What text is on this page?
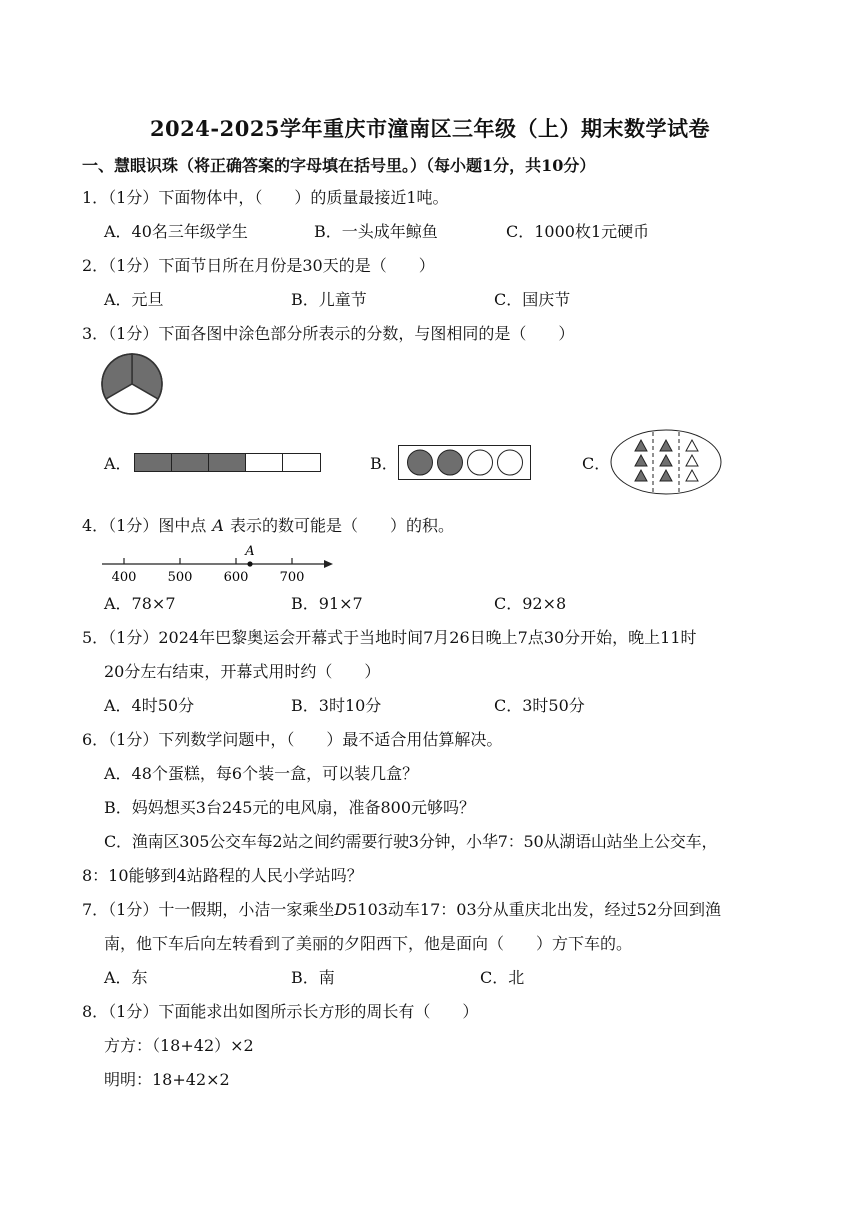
2024-2025学年重庆市潼南区三年级（上）期末数学试卷
一、慧眼识珠（将正确答案的字母填在括号里。）（每小题1分，共10分）
1．（1分）下面物体中，（　　）的质量最接近1吨。
A．40名三年级学生	B．一头成年鲸鱼	C．1000枚1元硬币
2．（1分）下面节日所在月份是30天的是（　　）
A．元旦	B．儿童节	C．国庆节
3．（1分）下面各图中涂色部分所表示的分数，与图相同的是（　　）
A．	B．	C．
4．（1分）图中点 A 表示的数可能是（　　）的积。
400 500 600 700
A
A．78×7	B．91×7	C．92×8
5．（1分）2024年巴黎奥运会开幕式于当地时间7月26日晚上7点30分开始，晚上11时
20分左右结束，开幕式用时约（　　）
A．4时50分	B．3时10分	C．3时50分
6．（1分）下列数学问题中，（　　）最不适合用估算解决。
A．48个蛋糕，每6个装一盒，可以装几盒？
B．妈妈想买3台245元的电风扇，准备800元够吗？
C．渔南区305公交车每2站之间约需要行驶3分钟，小华7：50从湖语山站坐上公交车，
8：10能够到4站路程的人民小学站吗？
7．（1分）十一假期，小洁一家乘坐D5103动车17：03分从重庆北出发，经过52分回到渔
南，他下车后向左转看到了美丽的夕阳西下，他是面向（　　）方下车的。
A．东	B．南	C．北
8．（1分）下面能求出如图所示长方形的周长有（　　）
方方：（18+42）×2
明明：18+42×2
